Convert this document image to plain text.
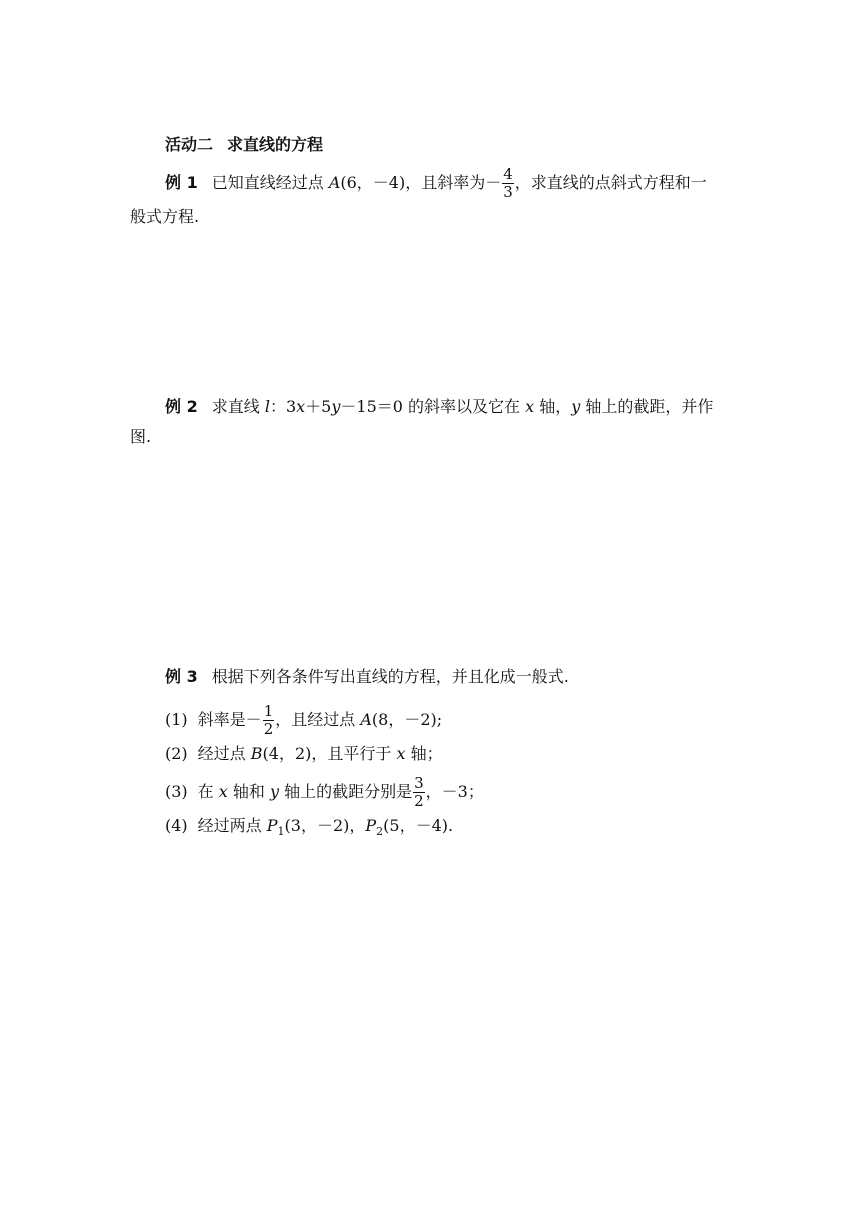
活动二 求直线的方程
例 1 已知直线经过点 A(6，－4)，且斜率为－ $\frac{4}{3}$ ，求直线的点斜式方程和一
般式方程.
例 2 求直线 l：3x＋5y－15＝0 的斜率以及它在 x 轴，y 轴上的截距，并作
图.
例 3 根据下列各条件写出直线的方程，并且化成一般式.
(1) 斜率是－ $\frac{1}{2}$ ，且经过点 A(8，－2);
(2) 经过点 B(4，2)，且平行于 x 轴；
(3) 在 x 轴和 y 轴上的截距分别是 $\frac{3}{2}$ ，－3；
(4) 经过两点 $P_1(3$，－2)，$P_2(5$，－4).
